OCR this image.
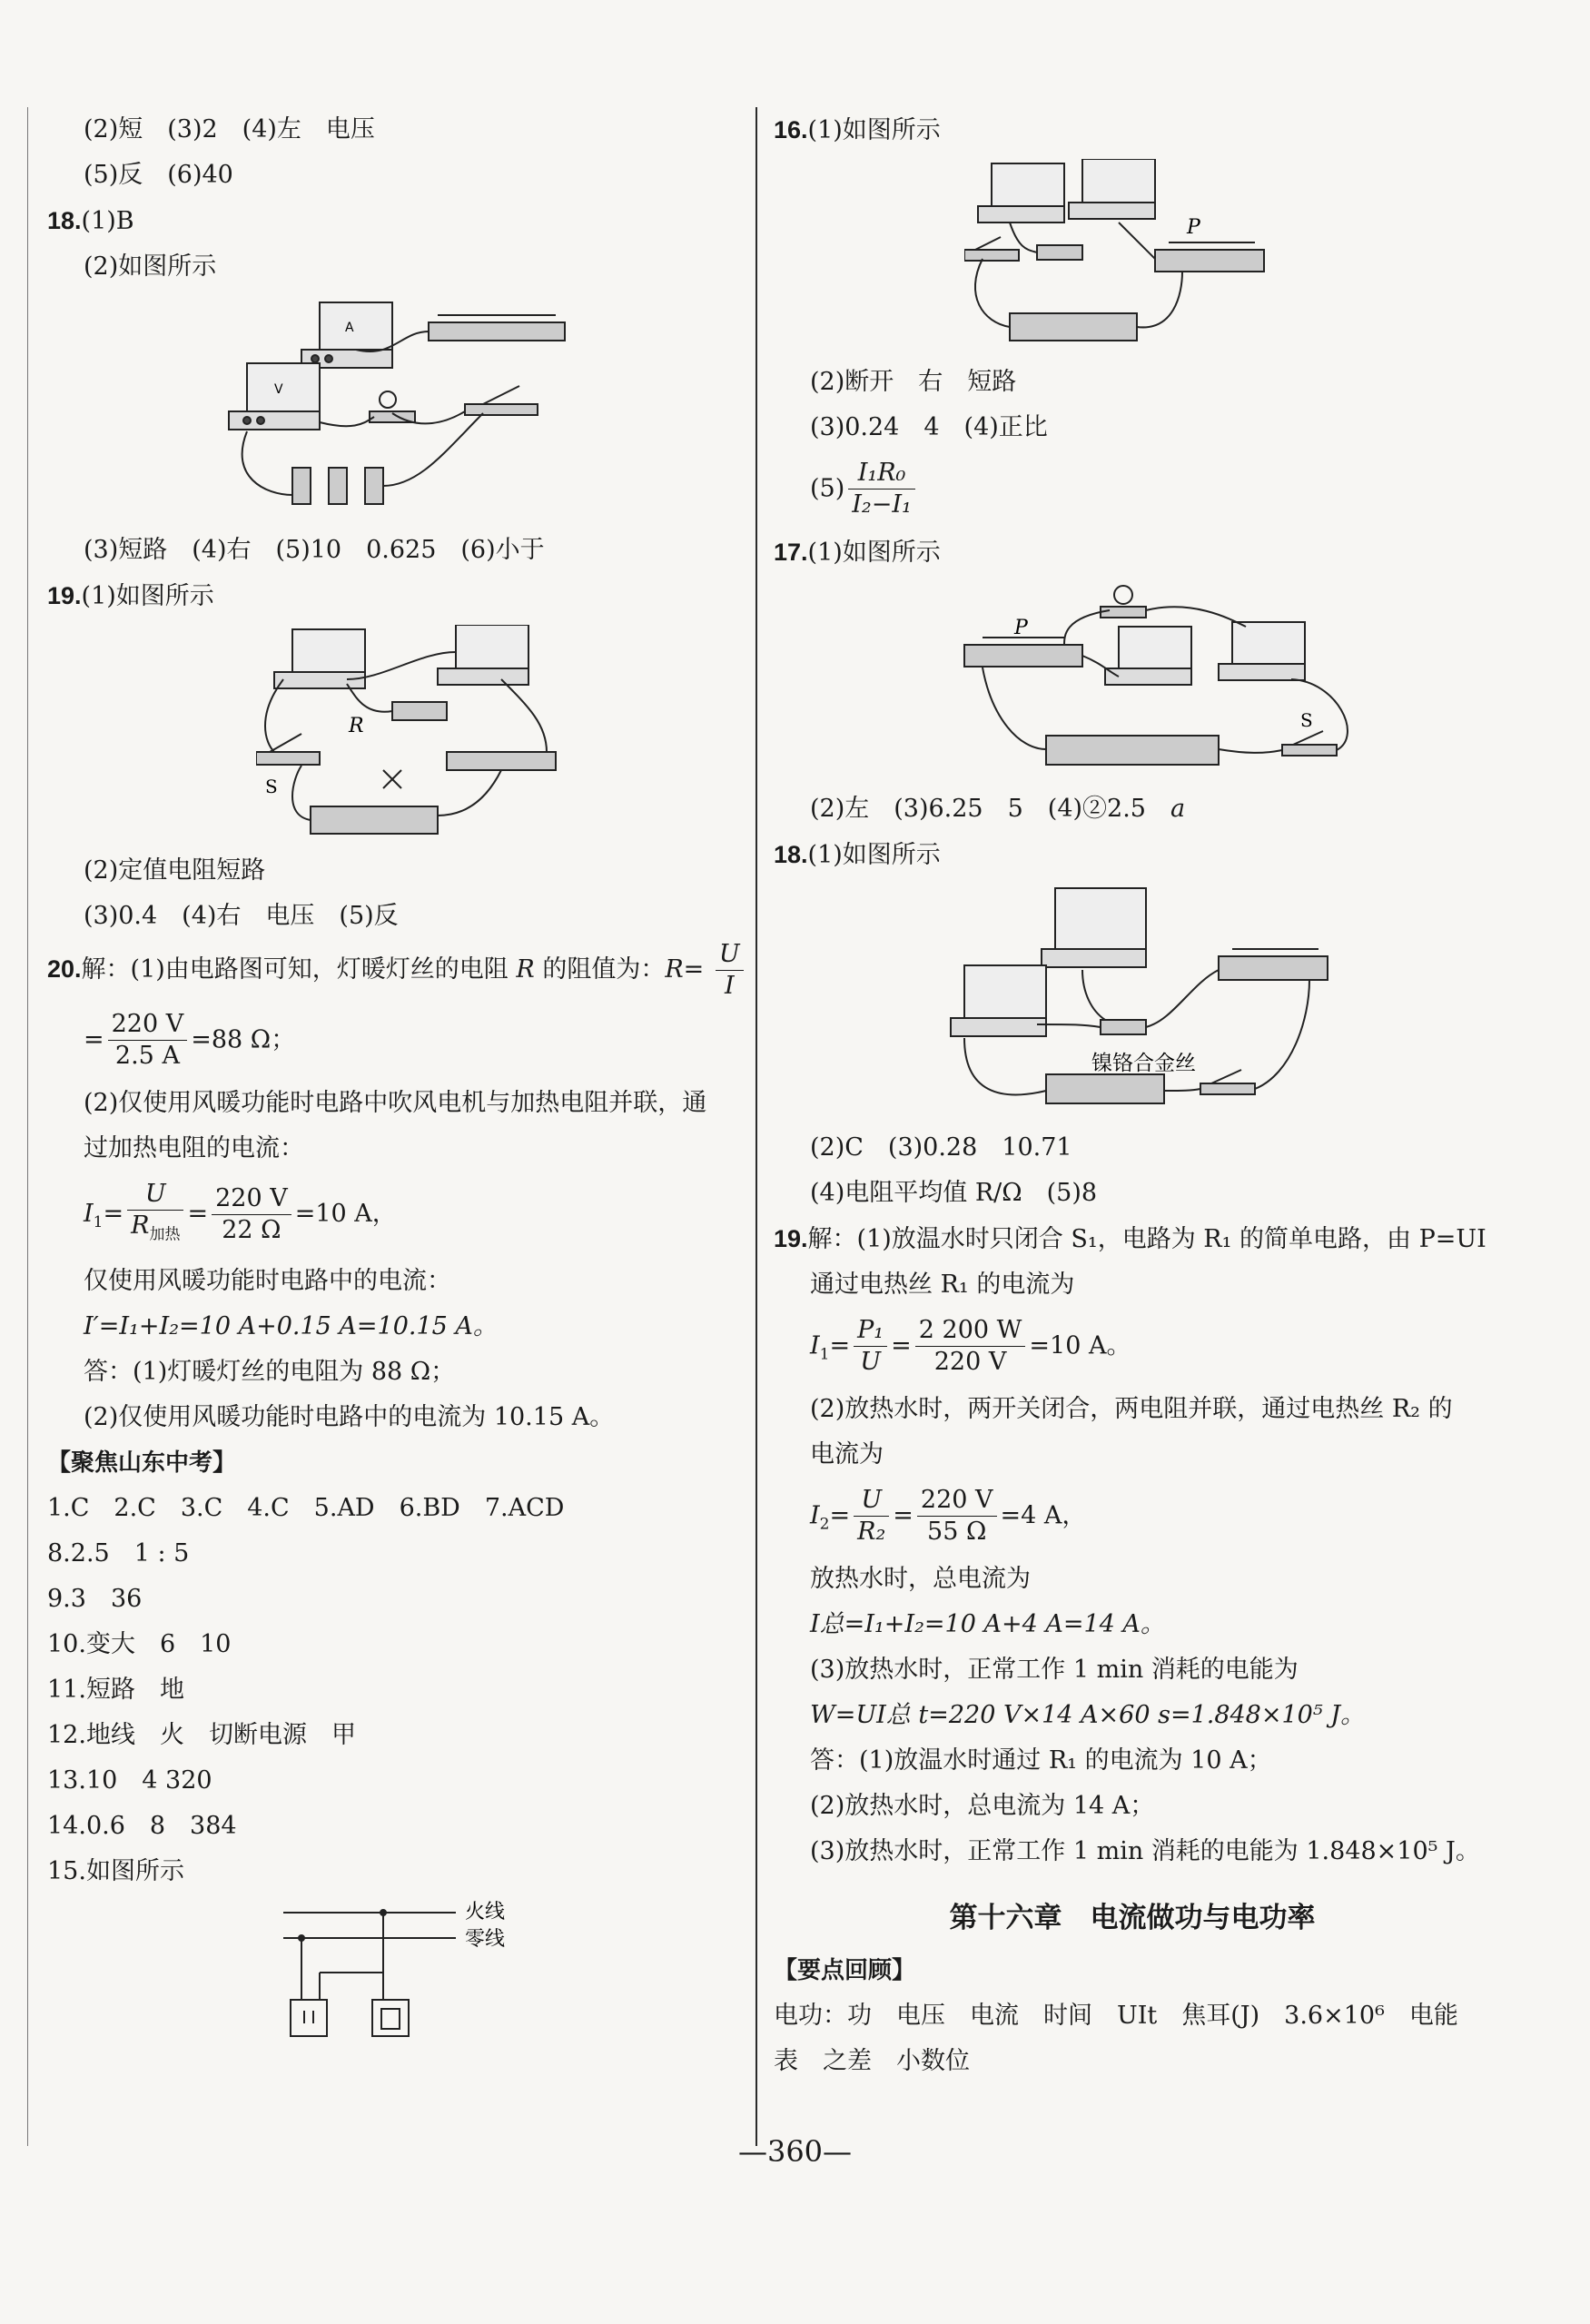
(2)短　(3)2　(4)左　电压
(5)反　(6)40
18.(1)B
(2)如图所示
A
V
(3)短路　(4)右　(5)10　0.625　(6)小于
19.(1)如图所示
R
S
(2)定值电阻短路
(3)0.4　(4)右　电压　(5)反
20.解：(1)由电路图可知，灯暖灯丝的电阻 R 的阻值为：$R= \frac{U}{I}$
= $\frac{220 V}{2.5 A} =88$ Ω；
(2)仅使用风暖功能时电路中吹风电机与加热电阻并联，通
过加热电阻的电流：
$I_1= \frac{U}{R_{加热}} = \frac{220 V}{22 \Omega} =10$ A，
仅使用风暖功能时电路中的电流：
I′=I₁+I₂=10 A+0.15 A=10.15 A。
答：(1)灯暖灯丝的电阻为 88 Ω；
(2)仅使用风暖功能时电路中的电流为 10.15 A。
【聚焦山东中考】
1.C　2.C　3.C　4.C　5.AD　6.BD　7.ACD
8.2.5　1 : 5
9.3　36
10.变大　6　10
11.短路　地
12.地线　火　切断电源　甲
13.10　4 320
14.0.6　8　384
15.如图所示
火线
零线
16.(1)如图所示
P
(2)断开　右　短路
(3)0.24　4　(4)正比
$(5) \frac{\text{I₁R₀}}{\text{I₂−I₁}}$
17.(1)如图所示
P
S
(2)左　(3)6.25　5　(4)②2.5　 a
18.(1)如图所示
镍铬合金丝
(2)C　(3)0.28　10.71
(4)电阻平均值 R/Ω　(5)8
19.解：(1)放温水时只闭合 S₁，电路为 R₁ 的简单电路，由 P=UI
通过电热丝 R₁ 的电流为
$I_1= \frac{\text{P₁}}{U} = \frac{2 200 W}{220 V} =10$ A。
(2)放热水时，两开关闭合，两电阻并联，通过电热丝 R₂ 的
电流为
$I_2= \frac{U}{\text{R₂}} = \frac{220 V}{55 \Omega} =4$ A，
放热水时，总电流为
I总=I₁+I₂=10 A+4 A=14 A。
(3)放热水时，正常工作 1 min 消耗的电能为
W=UI总 t=220 V×14 A×60 s=1.848×10⁵ J。
答：(1)放温水时通过 R₁ 的电流为 10 A；
(2)放热水时，总电流为 14 A；
(3)放热水时，正常工作 1 min 消耗的电能为 1.848×10⁵ J。
第十六章　电流做功与电功率
【要点回顾】
电功：功　电压　电流　时间　UIt　焦耳(J)　3.6×10⁶　电能
表　之差　小数位
—360—
